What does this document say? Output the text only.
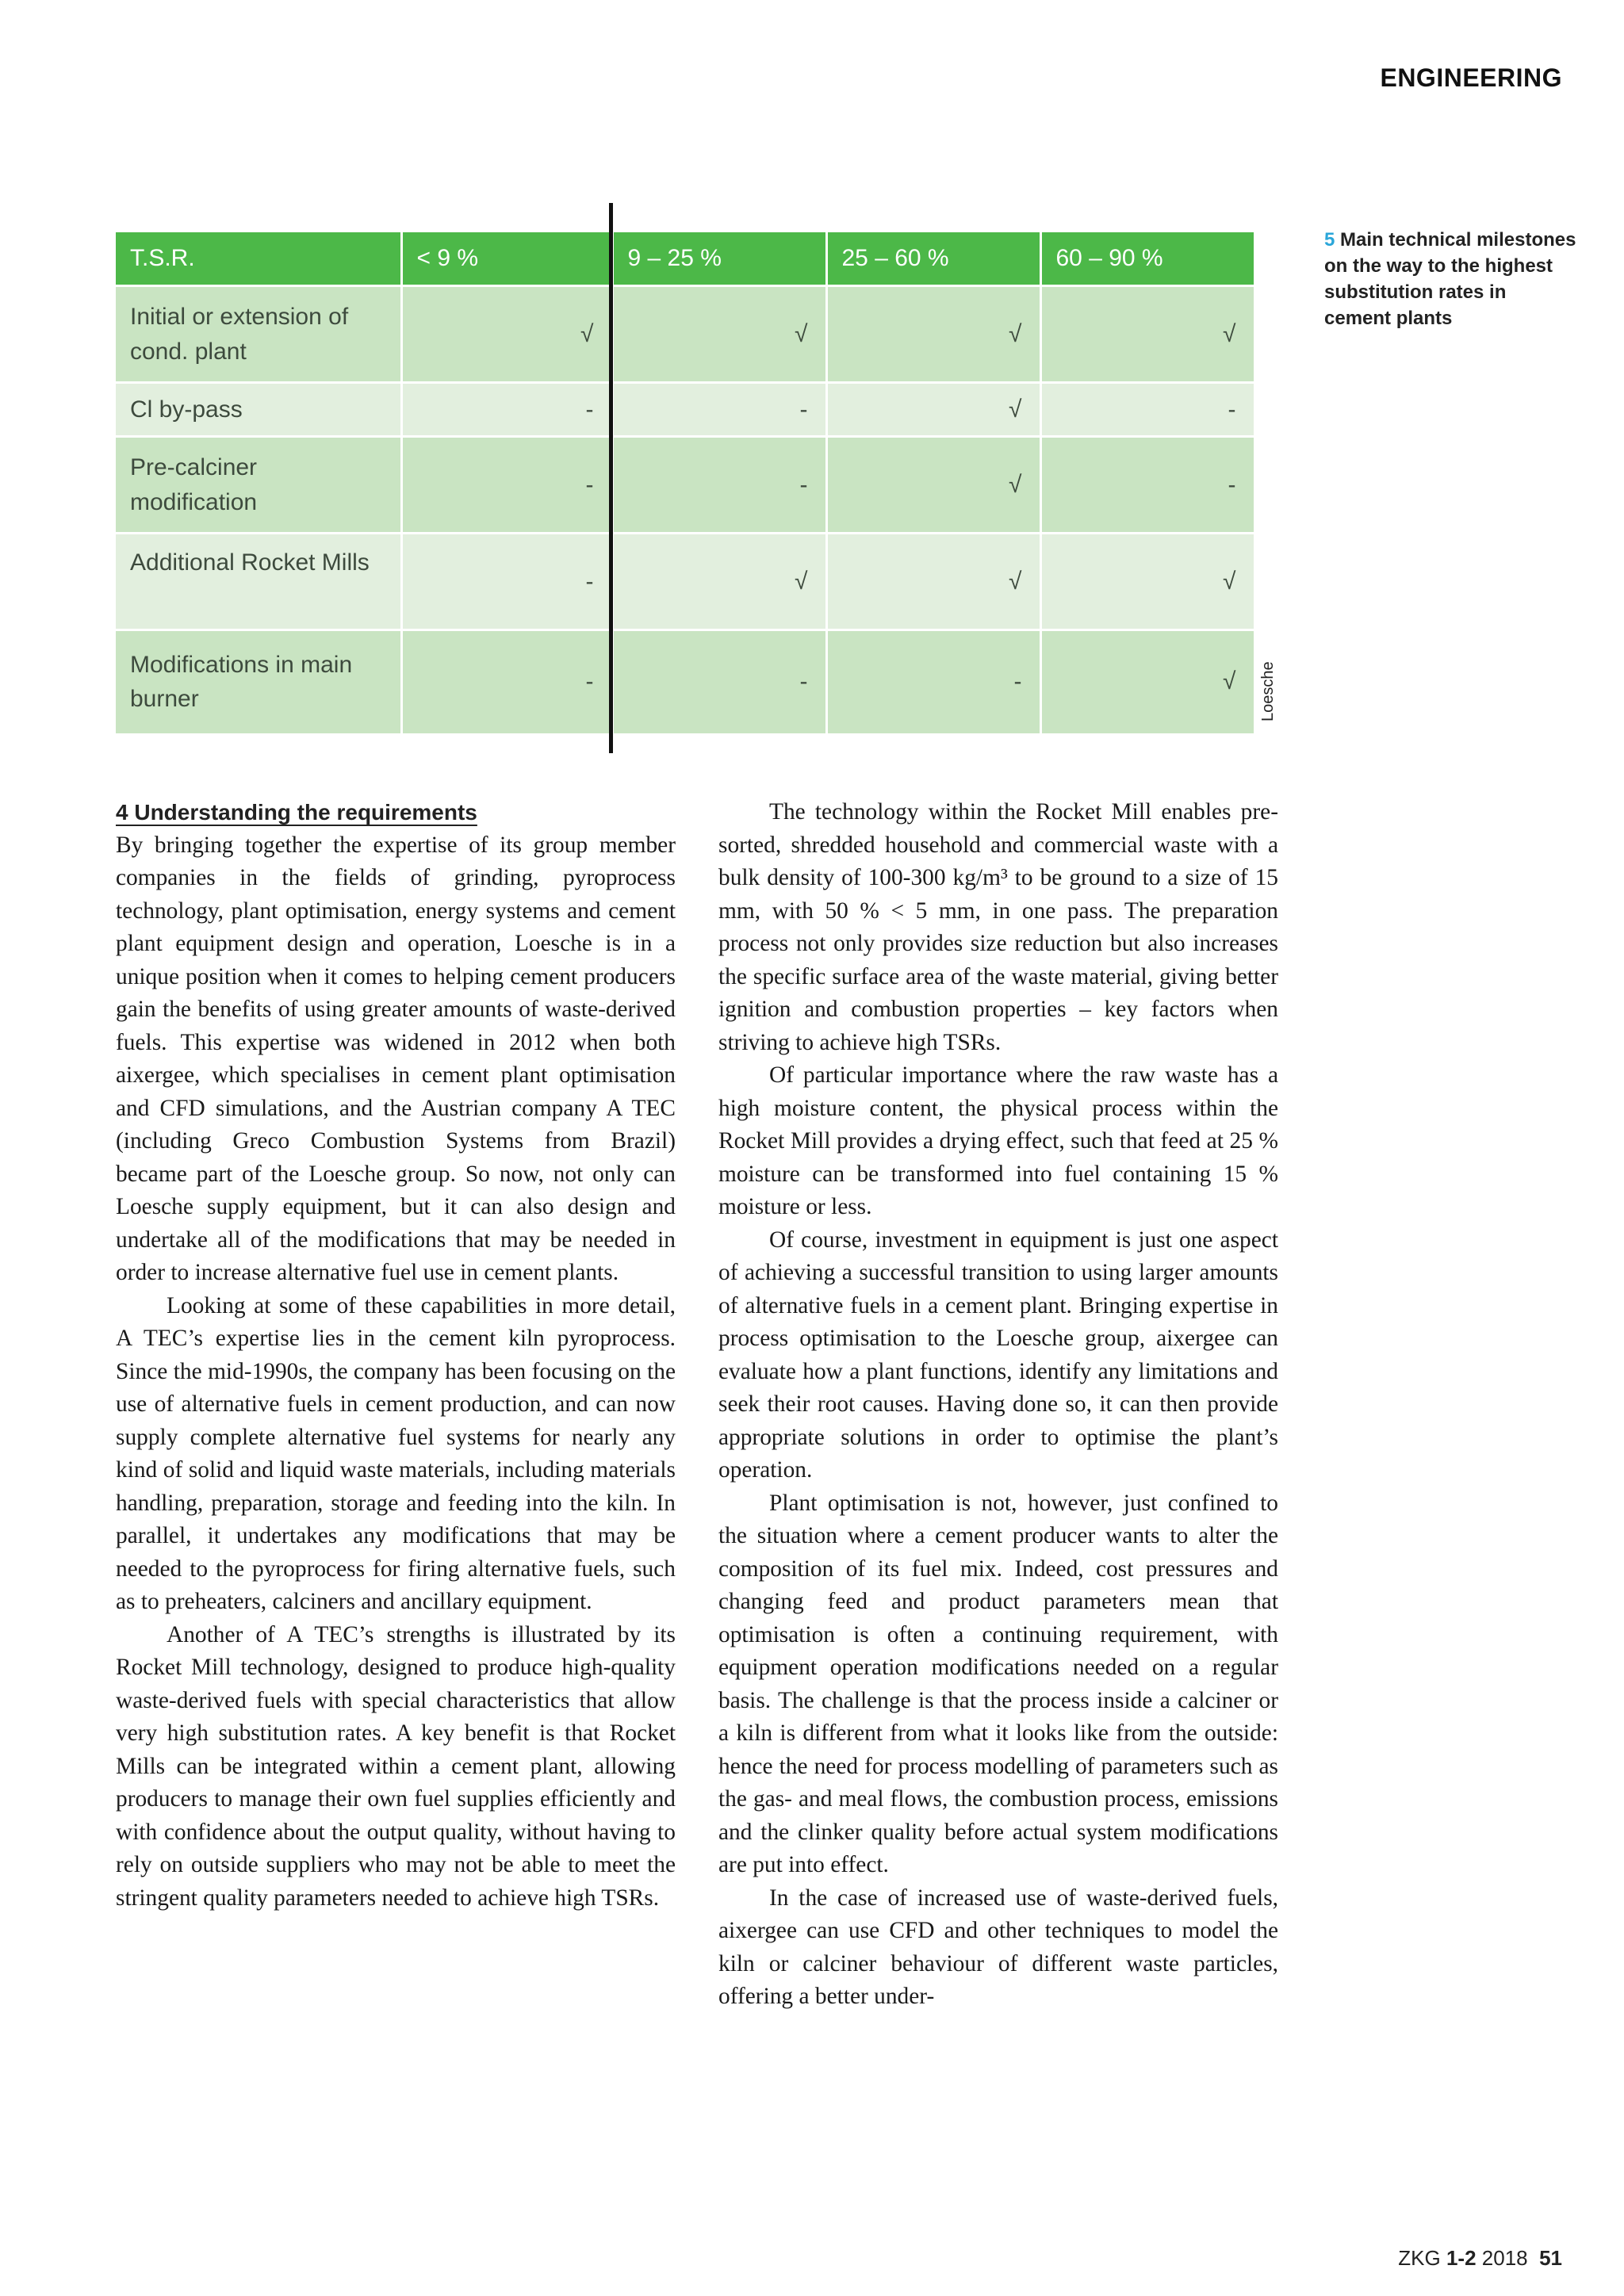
ENGINEERING
T.S.R.	< 9 %	9 – 25 %	25 – 60 %	60 – 90 %
Initial or extension of cond. plant	√	√	√	√
Cl by-pass	-	-	√	-
Pre-calciner modification	-	-	√	-
Additional Rocket Mills	-	√	√	√
Modifications in main burner	-	-	-	√ Loesche
5 Main technical milestones on the way to the highest substitution rates in cement plants
4 Understanding the requirements

By bringing together the expertise of its group member companies in the fields of grinding, pyroprocess technology, plant optimisation, energy systems and cement plant equipment design and operation, Loesche is in a unique position when it comes to helping cement producers gain the benefits of using greater amounts of waste-derived fuels. This expertise was widened in 2012 when both aixergee, which specialises in cement plant optimisation and CFD simulations, and the Austrian company A TEC (including Greco Combustion Systems from Brazil) became part of the Loesche group. So now, not only can Loesche supply equipment, but it can also design and undertake all of the modifications that may be needed in order to increase alternative fuel use in cement plants.

Looking at some of these capabilities in more detail, A TEC’s expertise lies in the cement kiln pyroprocess. Since the mid-1990s, the company has been focusing on the use of alternative fuels in cement production, and can now supply complete alternative fuel systems for nearly any kind of solid and liquid waste materials, including materials handling, preparation, storage and feeding into the kiln. In parallel, it undertakes any modifications that may be needed to the pyroprocess for firing alternative fuels, such as to preheaters, calciners and ancillary equipment.

Another of A TEC’s strengths is illustrated by its Rocket Mill technology, designed to produce high-quality waste-derived fuels with special characteristics that allow very high substitution rates. A key benefit is that Rocket Mills can be integrated within a cement plant, allowing producers to manage their own fuel supplies efficiently and with confidence about the output quality, without having to rely on outside suppliers who may not be able to meet the stringent quality parameters needed to achieve high TSRs.

The technology within the Rocket Mill enables pre-sorted, shredded household and commercial waste with a bulk density of 100-300 kg/m³ to be ground to a size of 15 mm, with 50 % < 5 mm, in one pass. The preparation process not only provides size reduction but also increases the specific surface area of the waste material, giving better ignition and combustion properties – key factors when striving to achieve high TSRs.

Of particular importance where the raw waste has a high moisture content, the physical process within the Rocket Mill provides a drying effect, such that feed at 25 % moisture can be transformed into fuel containing 15 % moisture or less.

Of course, investment in equipment is just one aspect of achieving a successful transition to using larger amounts of alternative fuels in a cement plant. Bringing expertise in process optimisation to the Loesche group, aixergee can evaluate how a plant functions, identify any limitations and seek their root causes. Having done so, it can then provide appropriate solutions in order to optimise the plant’s operation.

Plant optimisation is not, however, just confined to the situation where a cement producer wants to alter the composition of its fuel mix. Indeed, cost pressures and changing feed and product parameters mean that optimisation is often a continuing requirement, with equipment operation modifications needed on a regular basis. The challenge is that the process inside a calciner or a kiln is different from what it looks like from the outside: hence the need for process modelling of parameters such as the gas- and meal flows, the combustion process, emissions and the clinker quality before actual system modifications are put into effect.

In the case of increased use of waste-derived fuels, aixergee can use CFD and other techniques to model the kiln or calciner behaviour of different waste particles, offering a better under-

ZKG 1-2 2018 51
